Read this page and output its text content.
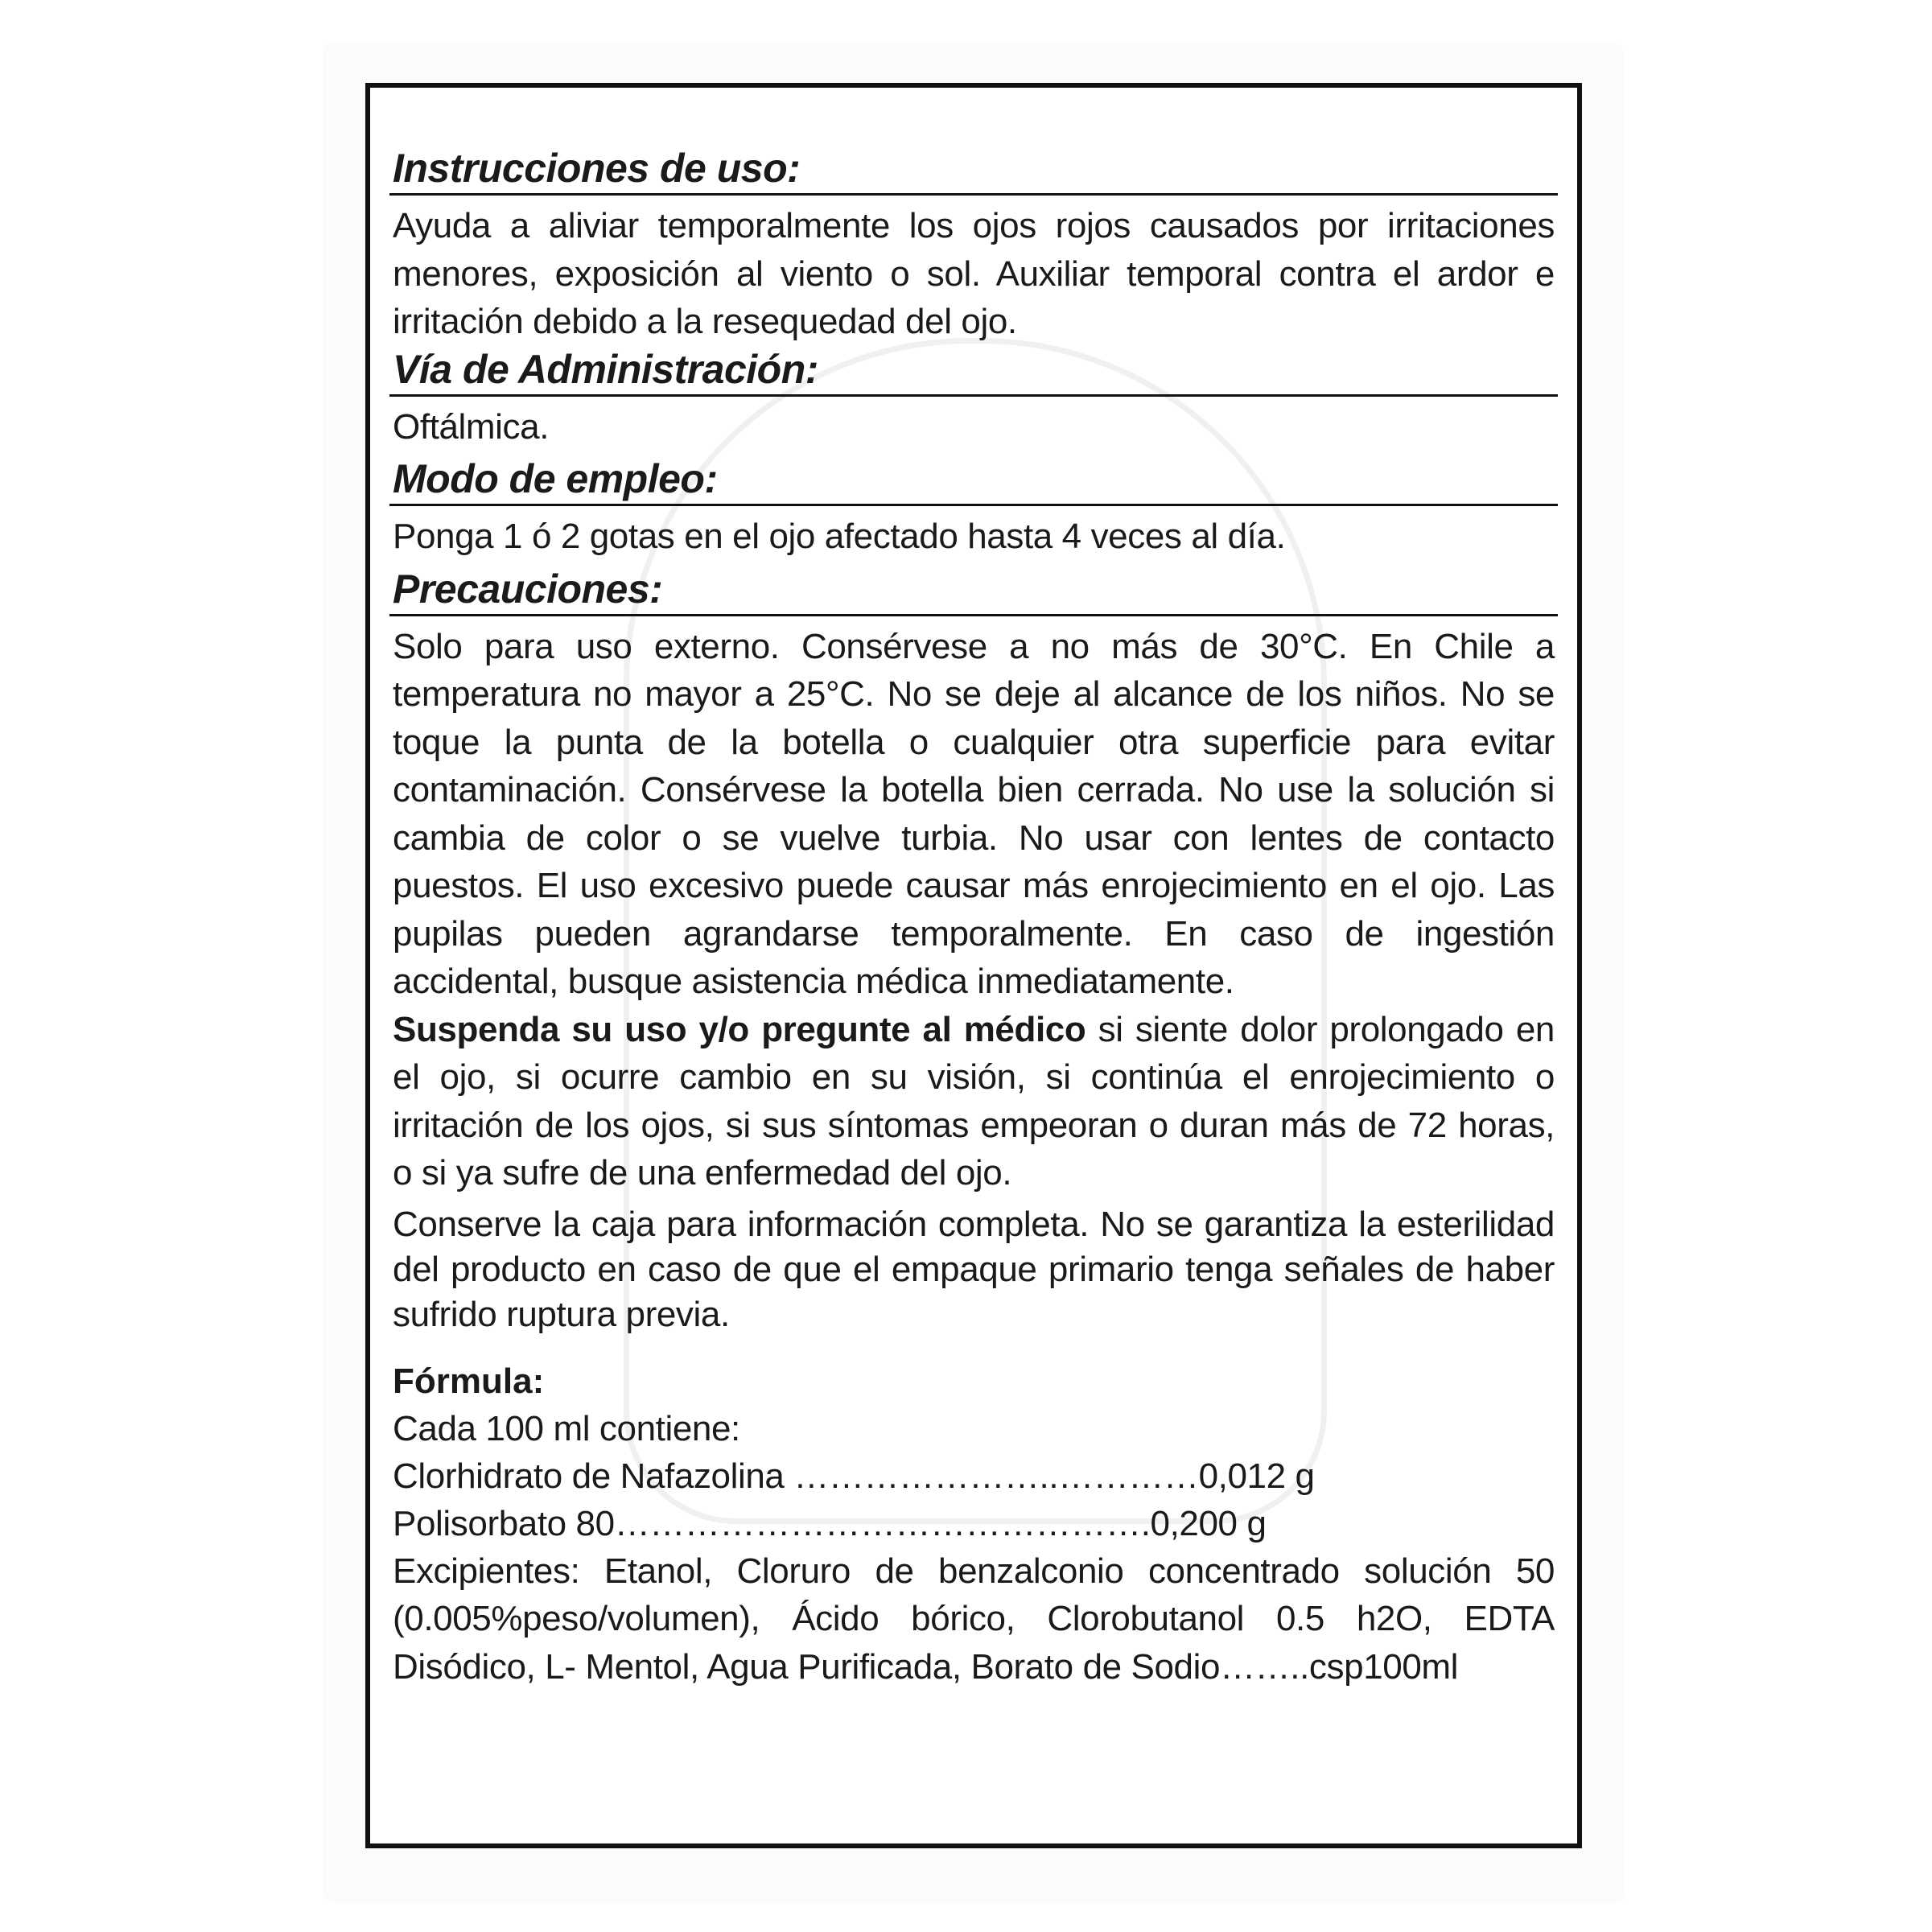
Instrucciones de uso:

Ayuda a aliviar temporalmente los ojos rojos causados por irritaciones menores, exposición al viento o sol. Auxiliar temporal contra el ardor e irritación debido a la resequedad del ojo.

Vía de Administración:

Oftálmica.

Modo de empleo:

Ponga 1 ó 2 gotas en el ojo afectado hasta 4 veces al día.

Precauciones:

Solo para uso externo. Consérvese a no más de 30°C. En Chile a temperatura no mayor a 25°C. No se deje al alcance de los niños. No se toque la punta de la botella o cualquier otra superficie para evitar contaminación. Consérvese la botella bien cerrada. No use la solución si cambia de color o se vuelve turbia. No usar con lentes de contacto puestos. El uso excesivo puede causar más enrojecimiento en el ojo. Las pupilas pueden agrandarse temporalmente. En caso de ingestión accidental, busque asistencia médica inmediatamente.

Suspenda su uso y/o pregunte al médico si siente dolor prolongado en el ojo, si ocurre cambio en su visión, si continúa el enrojecimiento o irritación de los ojos, si sus síntomas empeoran o duran más de 72 horas, o si ya sufre de una enfermedad del ojo.

Conserve la caja para información completa. No se garantiza la esterilidad del producto en caso de que el empaque primario tenga señales de haber sufrido ruptura previa.

Fórmula:
Cada 100 ml contiene:
Clorhidrato de Nafazolina …………………..…………0,012 g
Polisorbato 80……………………………………….0,200 g

Excipientes: Etanol, Cloruro de benzalconio concentrado solución 50 (0.005%peso/volumen), Ácido bórico, Clorobutanol 0.5 h2O, EDTA Disódico, L- Mentol, Agua Purificada, Borato de Sodio……..csp100ml
